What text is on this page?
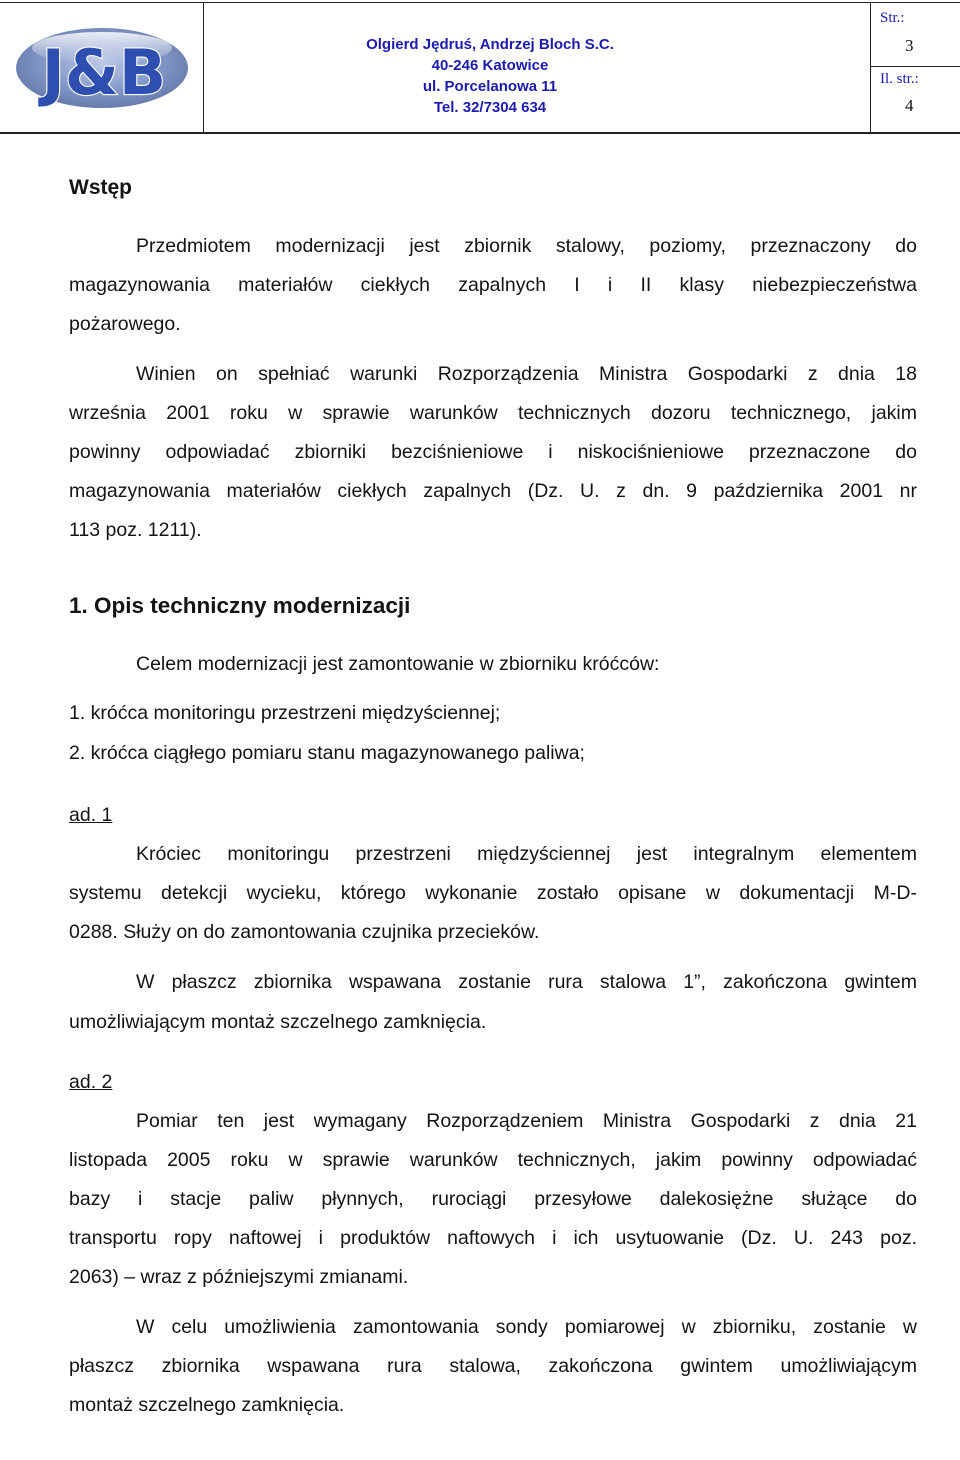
J&B	Olgierd Jędruś, Andrzej Bloch S.C.
40-246 Katowice
ul. Porcelanowa 11
Tel. 32/7304 634
Str.:
3
Il. str.:
4
Wstęp
Przedmiotem modernizacji jest zbiornik stalowy, poziomy, przeznaczony do
magazynowania materiałów ciekłych zapalnych I i II klasy niebezpieczeństwa
pożarowego.
Winien on spełniać warunki Rozporządzenia Ministra Gospodarki z dnia 18
września 2001 roku w sprawie warunków technicznych dozoru technicznego, jakim
powinny odpowiadać zbiorniki bezciśnieniowe i niskociśnieniowe przeznaczone do
magazynowania materiałów ciekłych zapalnych (Dz. U. z dn. 9 października 2001 nr
113 poz. 1211).
1. Opis techniczny modernizacji
Celem modernizacji jest zamontowanie w zbiorniku króćców:
1. króćca monitoringu przestrzeni międzyściennej;
2. króćca ciągłego pomiaru stanu magazynowanego paliwa;
ad. 1
Króciec monitoringu przestrzeni międzyściennej jest integralnym elementem
systemu detekcji wycieku, którego wykonanie zostało opisane w dokumentacji M-D-
0288. Służy on do zamontowania czujnika przecieków.
W płaszcz zbiornika wspawana zostanie rura stalowa 1”, zakończona gwintem
umożliwiającym montaż szczelnego zamknięcia.
ad. 2
Pomiar ten jest wymagany Rozporządzeniem Ministra Gospodarki z dnia 21
listopada 2005 roku w sprawie warunków technicznych, jakim powinny odpowiadać
bazy i stacje paliw płynnych, rurociągi przesyłowe dalekosiężne służące do
transportu ropy naftowej i produktów naftowych i ich usytuowanie (Dz. U. 243 poz.
2063) – wraz z późniejszymi zmianami.
W celu umożliwienia zamontowania sondy pomiarowej w zbiorniku, zostanie w
płaszcz zbiornika wspawana rura stalowa, zakończona gwintem umożliwiającym
montaż szczelnego zamknięcia.
